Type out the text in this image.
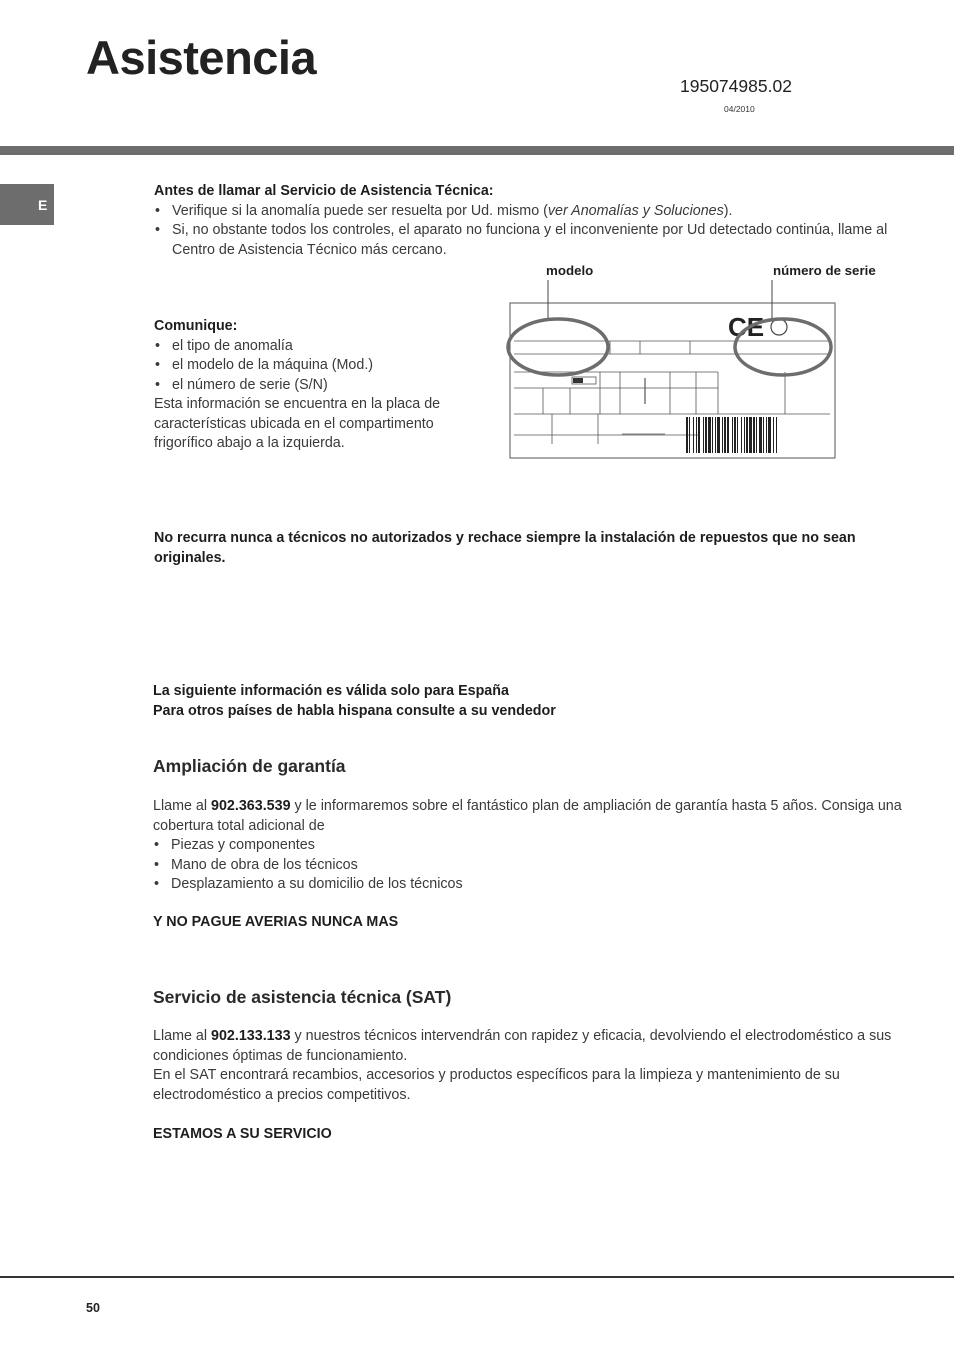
Asistencia
195074985.02
04/2010
E
Antes de llamar al Servicio de Asistencia Técnica:
• Verifique si la anomalía puede ser resuelta por Ud. mismo (ver Anomalías y Soluciones).
• Si, no obstante todos los controles, el aparato no funciona y el inconveniente por Ud detectado continúa, llame al Centro de Asistencia Técnico más cercano.
Comunique:
• el tipo de anomalía
• el modelo de la máquina (Mod.)
• el número de serie (S/N)
Esta información se encuentra en la placa de características ubicada en el compartimento frigorífico abajo a la izquierda.
modelo	número de serie
CE
No recurra nunca a técnicos no autorizados y rechace siempre la instalación de repuestos que no sean originales.
La siguiente información es válida solo para España
Para otros países de habla hispana consulte a su vendedor
Ampliación de garantía
Llame al 902.363.539 y le informaremos sobre el fantástico plan de ampliación de garantía hasta 5 años. Consiga una cobertura total adicional de
• Piezas y componentes
• Mano de obra de los técnicos
• Desplazamiento a su domicilio de los técnicos
Y NO PAGUE AVERIAS NUNCA MAS
Servicio de asistencia técnica (SAT)
Llame al 902.133.133 y nuestros técnicos intervendrán con rapidez y eficacia, devolviendo el electrodoméstico a sus condiciones óptimas de funcionamiento.
En el SAT encontrará recambios, accesorios y productos específicos para la limpieza y mantenimiento de su electrodoméstico a precios competitivos.
ESTAMOS A SU SERVICIO
50
